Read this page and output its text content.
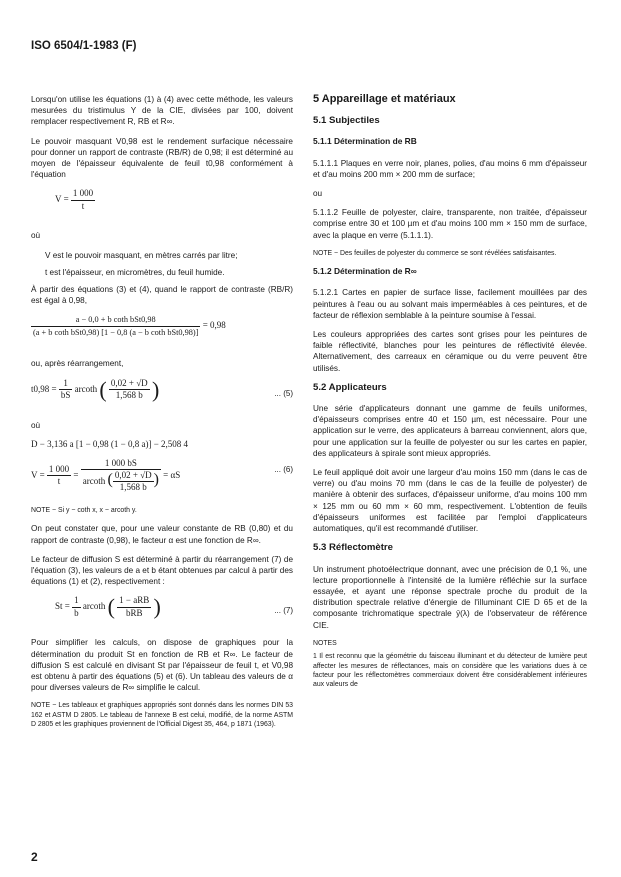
ISO 6504/1-1983 (F)

Lorsqu'on utilise les équations (1) à (4) avec cette méthode, les valeurs mesurées du tristimulus Y de la CIE, divisées par 100, doivent remplacer respectivement R, RB et R∞.

Le pouvoir masquant V0,98 est le rendement surfacique nécessaire pour donner un rapport de contraste (RB/R) de 0,98; il est déterminé au moyen de l'épaisseur équivalente de feuil t0,98 conformément à l'équation

$V = \frac{1 000}{t}$

où

V est le pouvoir masquant, en mètres carrés par litre;

t est l'épaisseur, en micromètres, du feuil humide.

À partir des équations (3) et (4), quand le rapport de contraste (RB/R) est égal à 0,98,

$\frac{\text{a − 0,0 + b coth bSt0,98}}{\text{(a + b coth bSt0,98) [1 − 0,8 (a − b coth bSt0,98)]}} = 0,98$

ou, après réarrangement,

$t0,98 = \frac{1}{bS}$ arcoth ( $\frac{0,02 + √D}{1,568 b}$ )	... (5)

où

D − 3,136 a [1 − 0,98 (1 − 0,8 a)] − 2,508 4
$V = \frac{1 000}{t} = \frac{1 000 bS}{arcoth ( \frac{0,02 + √D}{1,568 b} )} = \alpha S$
... (6)

NOTE − Si y − coth x, x − arcoth y.

On peut constater que, pour une valeur constante de RB (0,80) et du rapport de contraste (0,98), le facteur α est une fonction de R∞.

Le facteur de diffusion S est déterminé à partir du réarrangement (7) de l'équation (3), les valeurs de a et b étant obtenues par calcul à partir des équations (1) et (2), respectivement :

$St = \frac{1}{b}$ arcoth ( $\frac{\text{1 − aRB}}{\text{bRB}}$ )	... (7)

Pour simplifier les calculs, on dispose de graphiques pour la détermination du produit St en fonction de RB et R∞. Le facteur de diffusion S est calculé en divisant St par l'épaisseur de feuil t, et V0,98 est obtenu à partir des équations (5) et (6). Un tableau des valeurs de α pour diverses valeurs de R∞ simplifie le calcul.

NOTE − Les tableaux et graphiques appropriés sont donnés dans les normes DIN 53 162 et ASTM D 2805. Le tableau de l'annexe B est celui, modifié, de la norme ASTM D 2805 et les graphiques proviennent de l'Official Digest 35, 464, p 1871 (1963).

5 Appareillage et matériaux
5.1 Subjectiles
5.1.1 Détermination de RB

5.1.1.1 Plaques en verre noir, planes, polies, d'au moins 6 mm d'épaisseur et d'au moins 200 mm × 200 mm de surface;

ou

5.1.1.2 Feuille de polyester, claire, transparente, non traitée, d'épaisseur comprise entre 30 et 100 µm et d'au moins 100 mm × 150 mm de surface, avec la plaque en verre (5.1.1.1).

NOTE − Des feuilles de polyester du commerce se sont révélées satisfaisantes.

5.1.2 Détermination de R∞

5.1.2.1 Cartes en papier de surface lisse, facilement mouillées par des peintures à l'eau ou au solvant mais imperméables à ces peintures, et de facteur de réflexion semblable à la peinture soumise à l'essai.

Les couleurs appropriées des cartes sont grises pour les peintures de faible réflectivité, blanches pour les peintures de réflectivité élevée. Alternativement, des carreaux en céramique ou du verre peuvent être utilisés.

5.2 Applicateurs

Une série d'applicateurs donnant une gamme de feuils uniformes, d'épaisseurs comprises entre 40 et 150 µm, est nécessaire. Pour une application sur le verre, des applicateurs à barreau conviennent, alors que, pour une application sur la feuille de polyester ou sur les cartes en papier, des applicateurs à spirale sont mieux appropriés.

Le feuil appliqué doit avoir une largeur d'au moins 150 mm (dans le cas de verre) ou d'au moins 70 mm (dans le cas de la feuille de polyester) de manière à obtenir des surfaces, d'épaisseur uniforme, d'au moins 100 mm × 125 mm ou 60 mm × 60 mm, respectivement. L'obtention de feuils d'épaisseurs uniformes est facilitée par l'emploi d'applicateurs automatiques, qu'il est recommandé d'utiliser.

5.3 Réflectomètre

Un instrument photoélectrique donnant, avec une précision de 0,1 %, une lecture proportionnelle à l'intensité de la lumière réfléchie sur la surface essayée, et ayant une réponse spectrale proche du produit de la distribution spectrale relative d'énergie de l'illuminant CIE D 65 et de la composante trichromatique spectrale ȳ(λ) de l'observateur de référence CIE.

NOTES

1 Il est reconnu que la géométrie du faisceau illuminant et du détecteur de lumière peut affecter les mesures de réflectances, mais on considère que les variations dues à ce facteur pour les réflectomètres commerciaux doivent être considérablement inférieures aux valeurs de

2
